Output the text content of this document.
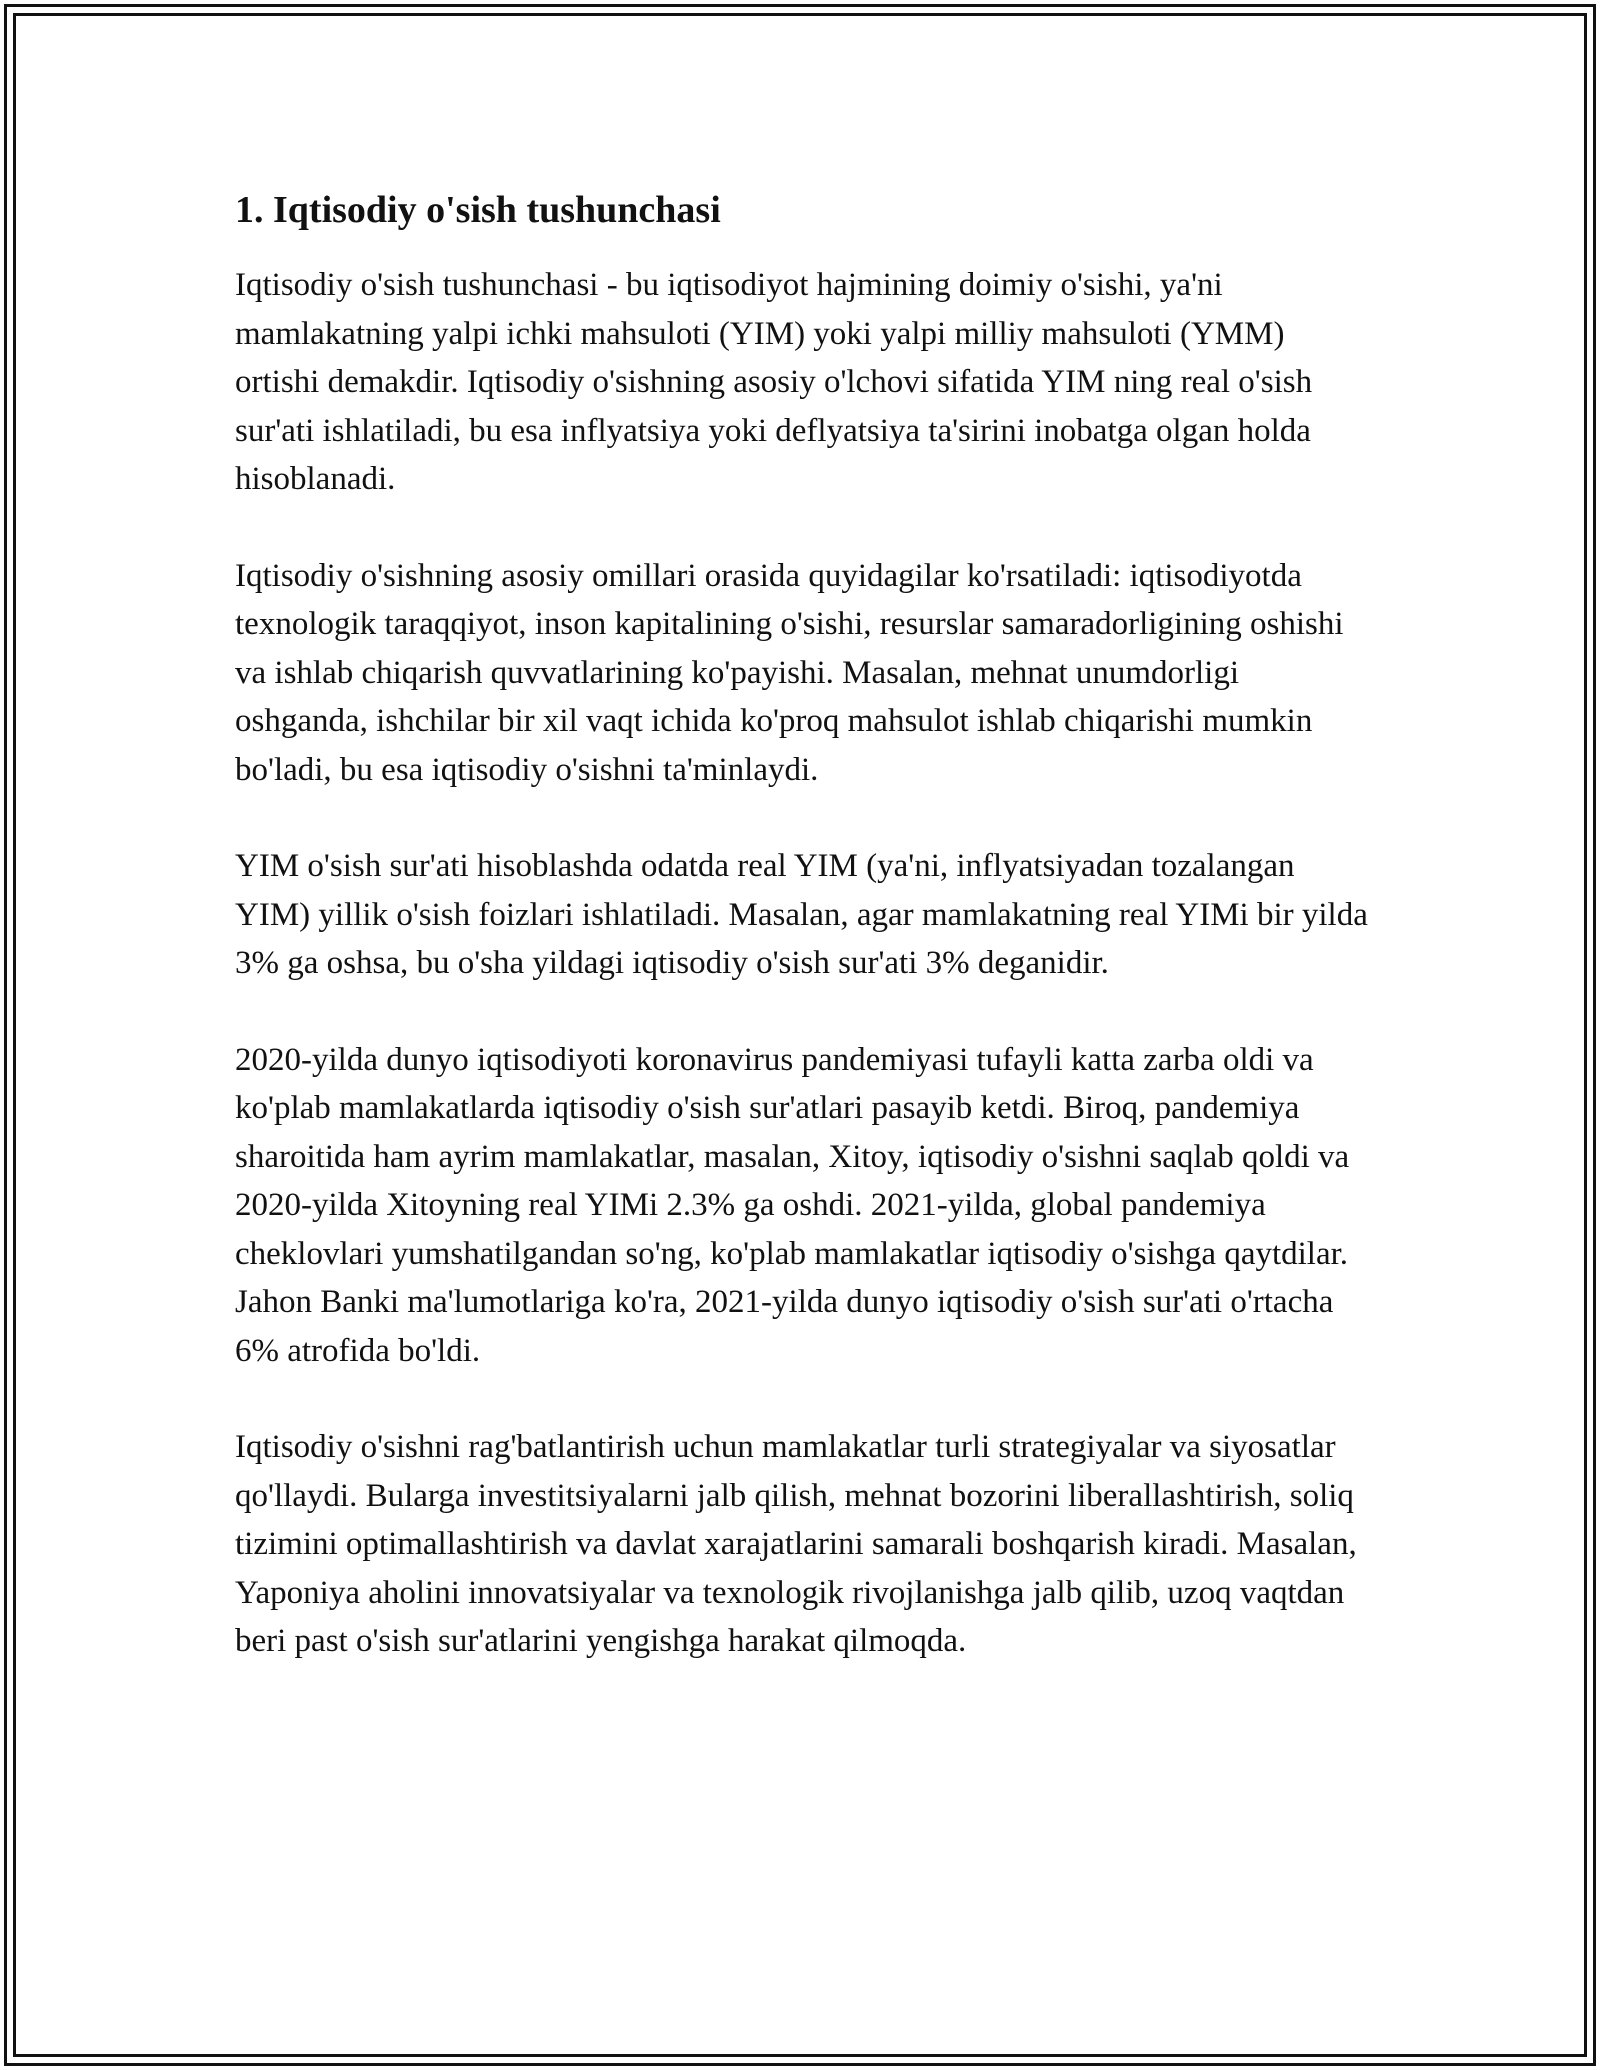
1. Iqtisodiy o'sish tushunchasi

Iqtisodiy o'sish tushunchasi - bu iqtisodiyot hajmining doimiy o'sishi, ya'ni mamlakatning yalpi ichki mahsuloti (YIM) yoki yalpi milliy mahsuloti (YMM) ortishi demakdir. Iqtisodiy o'sishning asosiy o'lchovi sifatida YIM ning real o'sish sur'ati ishlatiladi, bu esa inflyatsiya yoki deflyatsiya ta'sirini inobatga olgan holda hisoblanadi.

Iqtisodiy o'sishning asosiy omillari orasida quyidagilar ko'rsatiladi: iqtisodiyotda texnologik taraqqiyot, inson kapitalining o'sishi, resurslar samaradorligining oshishi va ishlab chiqarish quvvatlarining ko'payishi. Masalan, mehnat unumdorligi oshganda, ishchilar bir xil vaqt ichida ko'proq mahsulot ishlab chiqarishi mumkin bo'ladi, bu esa iqtisodiy o'sishni ta'minlaydi.

YIM o'sish sur'ati hisoblashda odatda real YIM (ya'ni, inflyatsiyadan tozalangan YIM) yillik o'sish foizlari ishlatiladi. Masalan, agar mamlakatning real YIMi bir yilda 3% ga oshsa, bu o'sha yildagi iqtisodiy o'sish sur'ati 3% deganidir.

2020-yilda dunyo iqtisodiyoti koronavirus pandemiyasi tufayli katta zarba oldi va ko'plab mamlakatlarda iqtisodiy o'sish sur'atlari pasayib ketdi. Biroq, pandemiya sharoitida ham ayrim mamlakatlar, masalan, Xitoy, iqtisodiy o'sishni saqlab qoldi va 2020-yilda Xitoyning real YIMi 2.3% ga oshdi. 2021-yilda, global pandemiya cheklovlari yumshatilgandan so'ng, ko'plab mamlakatlar iqtisodiy o'sishga qaytdilar. Jahon Banki ma'lumotlariga ko'ra, 2021-yilda dunyo iqtisodiy o'sish sur'ati o'rtacha 6% atrofida bo'ldi.

Iqtisodiy o'sishni rag'batlantirish uchun mamlakatlar turli strategiyalar va siyosatlar qo'llaydi. Bularga investitsiyalarni jalb qilish, mehnat bozorini liberallashtirish, soliq tizimini optimallashtirish va davlat xarajatlarini samarali boshqarish kiradi. Masalan, Yaponiya aholini innovatsiyalar va texnologik rivojlanishga jalb qilib, uzoq vaqtdan beri past o'sish sur'atlarini yengishga harakat qilmoqda.
